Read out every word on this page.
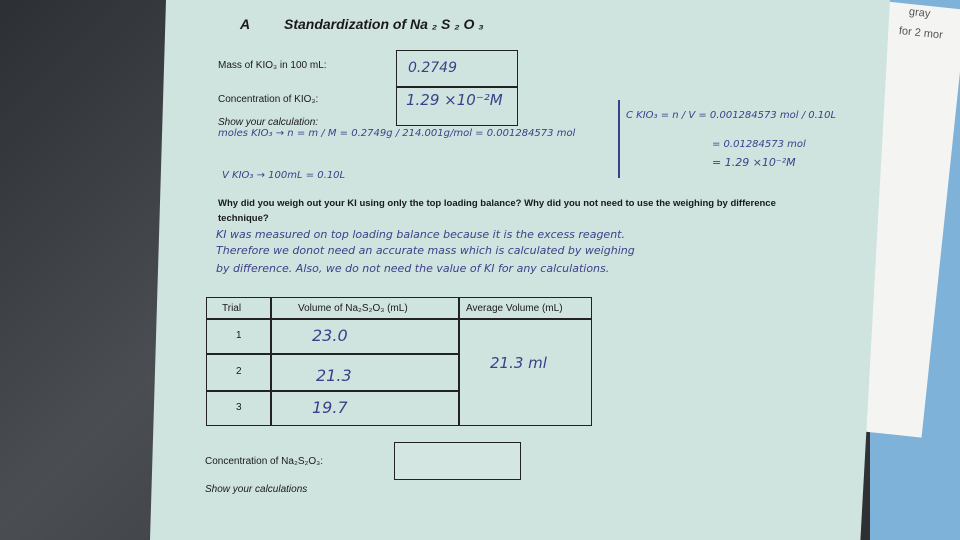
gray
for 2 mor
A Standardization of Na ₂ S ₂ O ₃
Mass of KIO₃ in 100 mL:	0.2749
Concentration of KIO₃:	1.29 ×10⁻²M
Show your calculation:
moles KIO₃ → n = m / M = 0.2749g / 214.001g/mol = 0.001284573 mol
V KIO₃ → 100mL = 0.10L
C KIO₃ = n / V = 0.001284573 mol / 0.10L
= 0.01284573 mol
= 1.29 ×10⁻²M
Why did you weigh out your KI using only the top loading balance? Why did you not need to use the weighing by difference technique?
KI was measured on top loading balance because it is the excess reagent.
Therefore we donot need an accurate mass which is calculated by weighing
by difference. Also, we do not need the value of KI for any calculations.
Trial	Volume of Na₂S₂O₃ (mL)	Average Volume (mL)
1	23.0
2	21.3
3	19.7
21.3 ml
Concentration of Na₂S₂O₃:
Show your calculations
